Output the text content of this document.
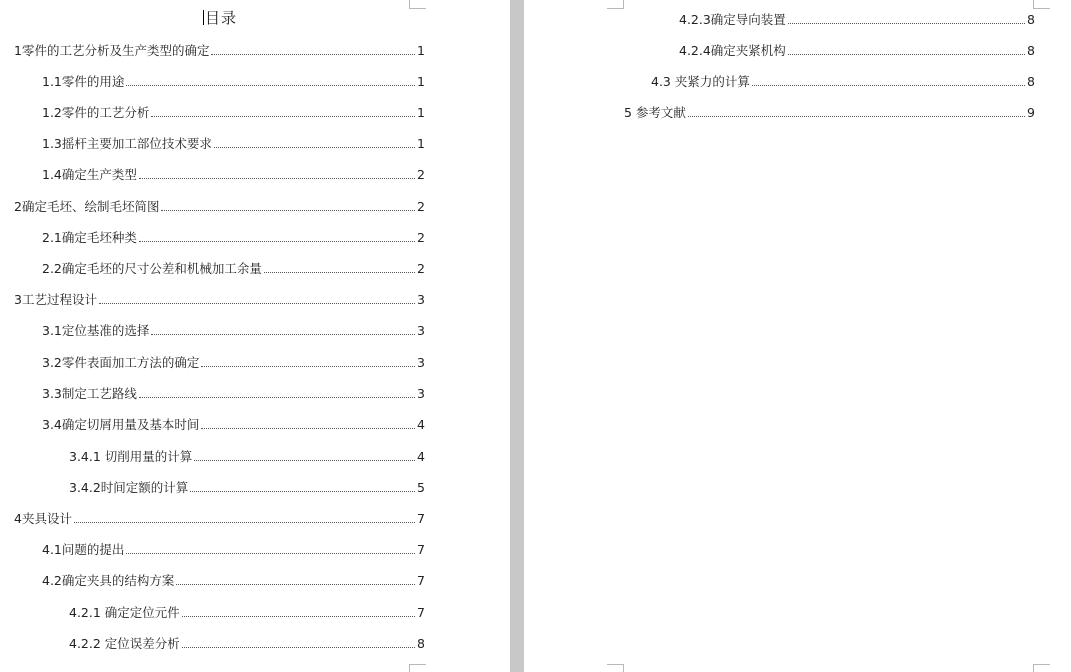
目录
1零件的工艺分析及生产类型的确定	1
1.1零件的用途	1
1.2零件的工艺分析	1
1.3摇杆主要加工部位技术要求	1
1.4确定生产类型	2
2确定毛坯、绘制毛坯简图	2
2.1确定毛坯种类	2
2.2确定毛坯的尺寸公差和机械加工余量	2
3工艺过程设计	3
3.1定位基准的选择	3
3.2零件表面加工方法的确定	3
3.3制定工艺路线	3
3.4确定切屑用量及基本时间	4
3.4.1 切削用量的计算	4
3.4.2时间定额的计算	5
4夹具设计	7
4.1问题的提出	7
4.2确定夹具的结构方案	7
4.2.1 确定定位元件	7
4.2.2 定位误差分析	8
4.2.3确定导向装置	8
4.2.4确定夹紧机构	8
4.3 夹紧力的计算	8
5 参考文献	9
